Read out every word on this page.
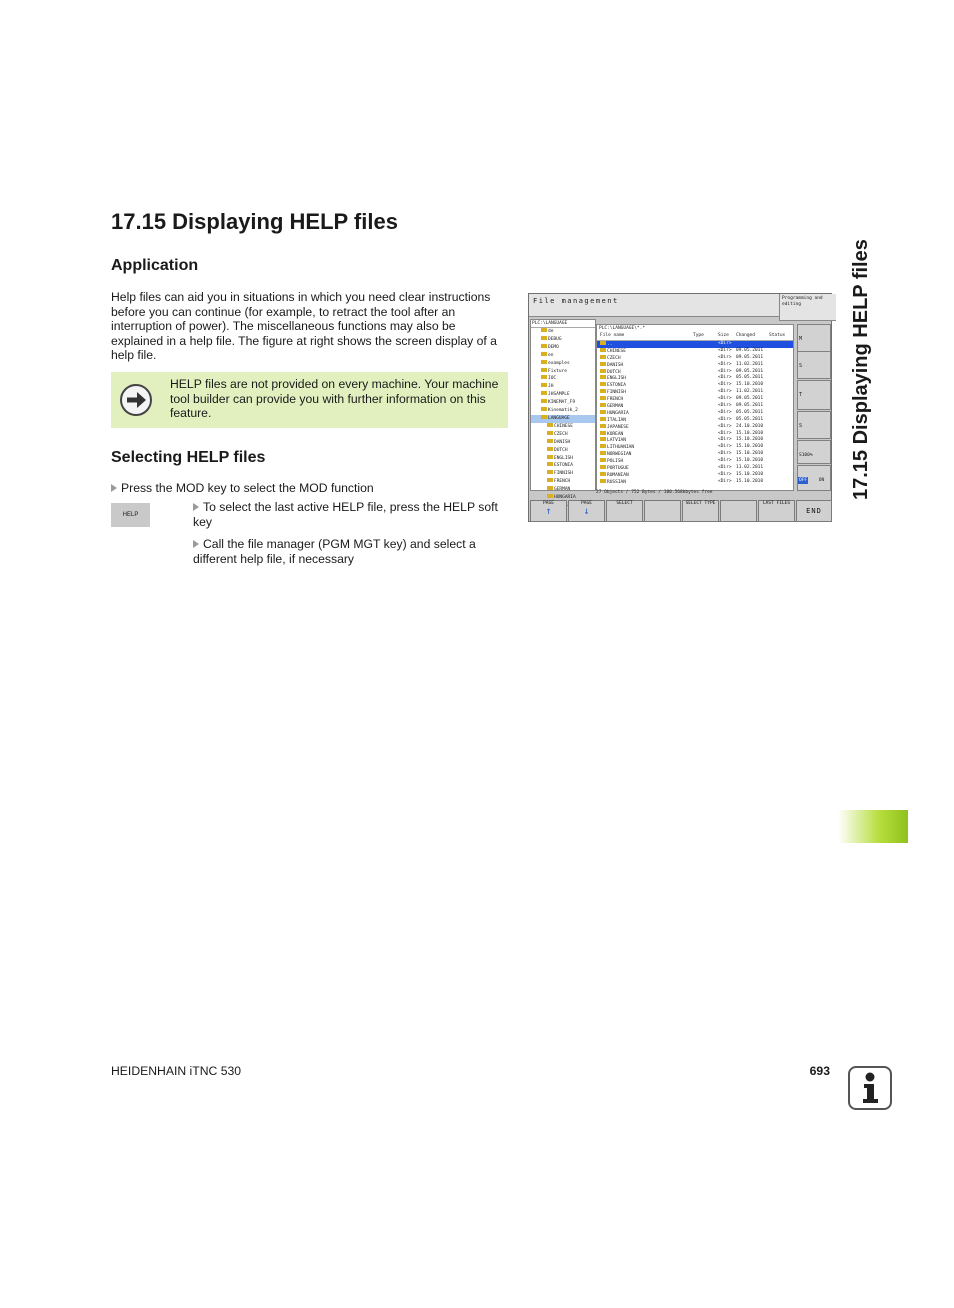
17.15 Displaying HELP files
Application
Help files can aid you in situations in which you need clear instructions before you can continue (for example, to retract the tool after an interruption of power). The miscellaneous functions may also be explained in a help file. The figure at right shows the screen display of a help file.
HELP files are not provided on every machine. Your machine tool builder can provide you with further information on this feature.
Selecting HELP files
Press the MOD key to select the MOD function
HELP
To select the last active HELP file, press the HELP soft key
Call the file manager (PGM MGT key) and select a different help file, if necessary
File management	Programming and editing
PLC:\LANGUAGE
de
DEBUG
DEMO
en
examples
Fixture
IOC
JH
JHSAMPLE
KINEMAT_F9
Kinematik_2
LANGUAGE
CHINESE
CZECH
DANISH
DUTCH
ENGLISH
ESTONIA
FINNISH
FRENCH
GERMAN
HUNGARIA
PLC:\LANGUAGE\*.*
File name	Type	Size Changed	Status
..	<Dir>
CHINESE	<Dir> 09.05.2011
CZECH	<Dir> 09.05.2011
DANISH	<Dir> 11.02.2011
DUTCH	<Dir> 09.05.2011
ENGLISH	<Dir> 05.05.2011
ESTONIA	<Dir> 15.10.2010
FINNISH	<Dir> 11.02.2011
FRENCH	<Dir> 09.05.2011
GERMAN	<Dir> 09.05.2011
HUNGARIA	<Dir> 05.05.2011
ITALIAN	<Dir> 05.05.2011
JAPANESE	<Dir> 24.10.2010
KOREAN	<Dir> 15.10.2010
LATVIAN	<Dir> 15.10.2010
LITHUANIAN	<Dir> 15.10.2010
NORWEGIAN	<Dir> 15.10.2010
POLISH	<Dir> 15.10.2010
PORTUGUE	<Dir> 11.02.2011
RUMANIAN	<Dir> 15.10.2010
RUSSIAN	<Dir> 15.10.2010
27 Objects / 752 Bytes / 100.568kbytes free
M
S
T
S
S100%
OFF	ON
PAGE
↑
PAGE
↓
SELECT	SELECT TYPE	LAST FILES
END
17.15 Displaying HELP files
HEIDENHAIN iTNC 530	693
